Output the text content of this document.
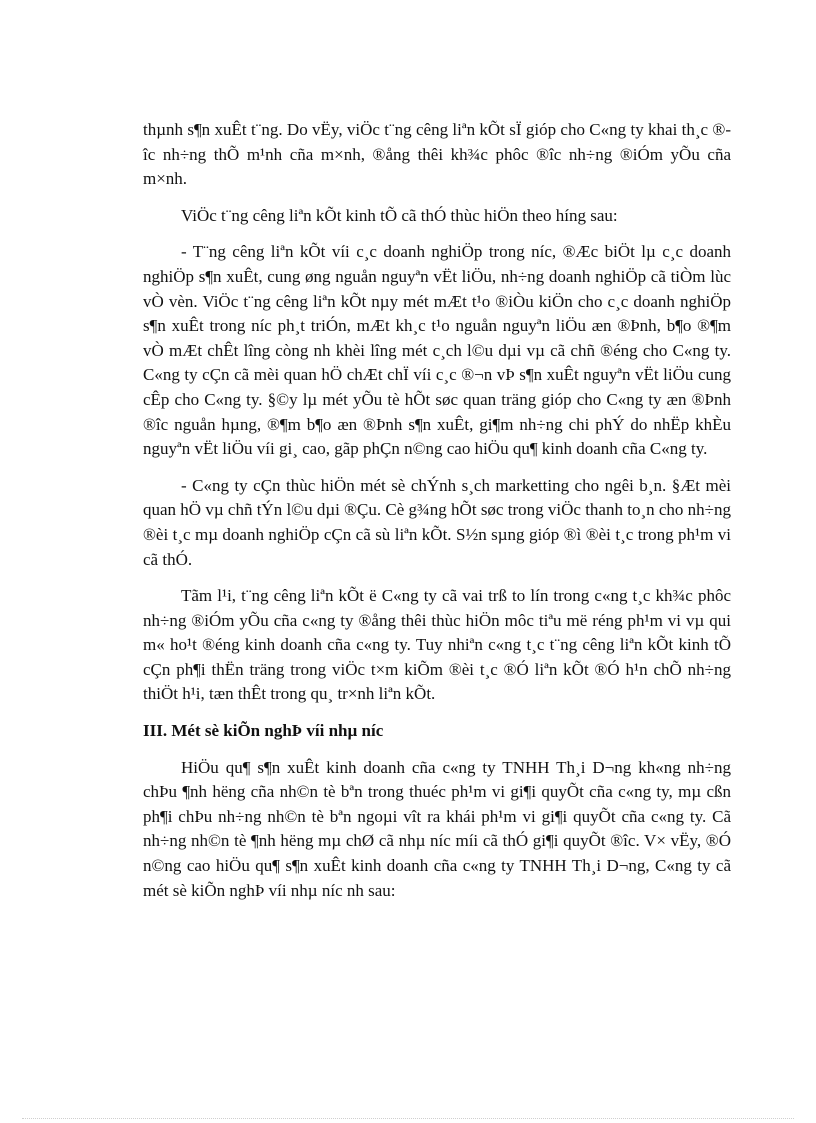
thµnh s¶n xuÊt t¨ng. Do vËy, viÖc t¨ng cêng liªn kÕt sÏ gióp cho C«ng ty khai th¸c ®îc nh÷ng thÕ m¹nh cña m×nh, ®ång thêi kh¾c phôc ®îc nh÷ng ®iÓm yÕu cña m×nh.

ViÖc t¨ng cêng liªn kÕt kinh tÕ cã thÓ thùc hiÖn theo híng sau:

- T¨ng cêng liªn kÕt víi c¸c doanh nghiÖp trong níc, ®Æc biÖt lµ c¸c doanh nghiÖp s¶n xuÊt, cung øng nguån nguyªn vËt liÖu, nh÷ng doanh nghiÖp cã tiÒm lùc vÒ vèn. ViÖc t¨ng cêng liªn kÕt nµy mét mÆt t¹o ®iÒu kiÖn cho c¸c doanh nghiÖp s¶n xuÊt trong níc ph¸t triÓn, mÆt kh¸c t¹o nguån nguyªn liÖu æn ®Þnh, b¶o ®¶m vÒ mÆt chÊt lîng còng nh khèi lîng mét c¸ch l©u dµi vµ cã chñ ®éng cho C«ng ty. C«ng ty cÇn cã mèi quan hÖ chÆt chÏ víi c¸c ®¬n vÞ s¶n xuÊt nguyªn vËt liÖu cung cÊp cho C«ng ty. §©y lµ mét yÕu tè hÕt søc quan träng gióp cho C«ng ty æn ®Þnh ®îc nguån hµng, ®¶m b¶o æn ®Þnh s¶n xuÊt, gi¶m nh÷ng chi phÝ do nhËp khÈu nguyªn vËt liÖu víi gi¸ cao, gãp phÇn n©ng cao hiÖu qu¶ kinh doanh cña C«ng ty.

- C«ng ty cÇn thùc hiÖn mét sè chÝnh s¸ch marketting cho ngêi b¸n. §Æt mèi quan hÖ vµ chñ tÝn l©u dµi ®Çu. Cè g¾ng hÕt søc trong viÖc thanh to¸n cho nh÷ng ®èi t¸c mµ doanh nghiÖp cÇn cã sù liªn kÕt. S½n sµng gióp ®ì ®èi t¸c trong ph¹m vi cã thÓ.

Tãm l¹i, t¨ng cêng liªn kÕt ë C«ng ty cã vai trß to lín trong c«ng t¸c kh¾c phôc nh÷ng ®iÓm yÕu cña c«ng ty ®ång thêi thùc hiÖn môc tiªu më réng ph¹m vi vµ qui m« ho¹t ®éng kinh doanh cña c«ng ty. Tuy nhiªn c«ng t¸c t¨ng cêng liªn kÕt kinh tÕ cÇn ph¶i thËn träng trong viÖc t×m kiÕm ®èi t¸c ®Ó liªn kÕt ®Ó h¹n chÕ nh÷ng thiÖt h¹i, tæn thÊt trong qu¸ tr×nh liªn kÕt.

III. Mét sè kiÕn nghÞ víi nhµ níc

HiÖu qu¶ s¶n xuÊt kinh doanh cña c«ng ty TNHH Th¸i D¬ng kh«ng nh÷ng chÞu ¶nh hëng cña nh©n tè bªn trong thuéc ph¹m vi gi¶i quyÕt cña c«ng ty, mµ cßn ph¶i chÞu nh÷ng nh©n tè bªn ngoµi vît ra khái ph¹m vi gi¶i quyÕt cña c«ng ty. Cã nh÷ng nh©n tè ¶nh hëng mµ chØ cã nhµ níc míi cã thÓ gi¶i quyÕt ®îc. V× vËy, ®Ó n©ng cao hiÖu qu¶ s¶n xuÊt kinh doanh cña c«ng ty TNHH Th¸i D¬ng, C«ng ty cã mét sè kiÕn nghÞ víi nhµ níc nh sau:
